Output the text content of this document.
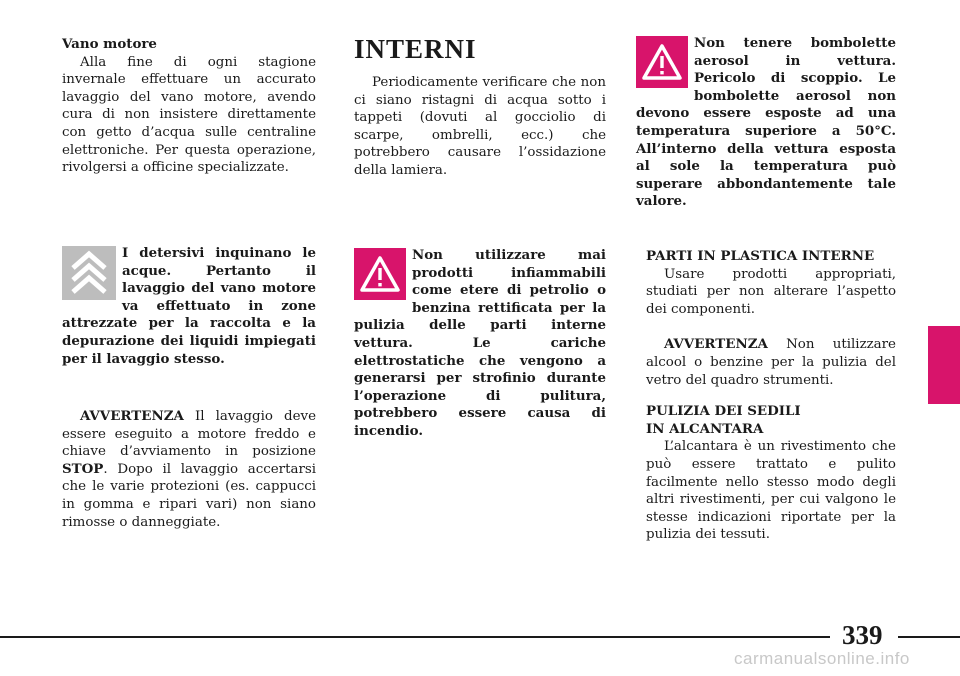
Vano motore

Alla fine di ogni stagione invernale effettuare un accurato lavaggio del vano motore, avendo cura di non insistere direttamente con getto d’acqua sulle centraline elettroniche. Per questa operazione, rivolgersi a officine specializzate.

I detersivi inquinano le acque. Pertanto il lavaggio del vano motore va effettuato in zone attrezzate per la raccolta e la depurazione dei liquidi impiegati per il lavaggio stesso.

AVVERTENZA Il lavaggio deve essere eseguito a motore freddo e chiave d’avviamento in posizione STOP. Dopo il lavaggio accertarsi che le varie protezioni (es. cappucci in gomma e ripari vari) non siano rimosse o danneggiate.

INTERNI

Periodicamente verificare che non ci siano ristagni di acqua sotto i tappeti (dovuti al gocciolio di scarpe, ombrelli, ecc.) che potrebbero causare l’ossidazione della lamiera.

Non utilizzare mai prodotti infiammabili come etere di petrolio o benzina rettificata per la pulizia delle parti interne vettura. Le cariche elettrostatiche che vengono a generarsi per strofinio durante l’operazione di pulitura, potrebbero essere causa di incendio.

Non tenere bombolette aerosol in vettura. Pericolo di scoppio. Le bombolette aerosol non devono essere esposte ad una temperatura superiore a 50°C. All’interno della vettura esposta al sole la temperatura può superare abbondantemente tale valore.

PARTI IN PLASTICA INTERNE

Usare prodotti appropriati, studiati per non alterare l’aspetto dei componenti.

AVVERTENZA Non utilizzare alcool o benzine per la pulizia del vetro del quadro strumenti.

PULIZIA DEI SEDILI

IN ALCANTARA

L’alcantara è un rivestimento che può essere trattato e pulito facilmente nello stesso modo degli altri rivestimenti, per cui valgono le stesse indicazioni riportate per la pulizia dei tessuti.

339
carmanualsonline.info
